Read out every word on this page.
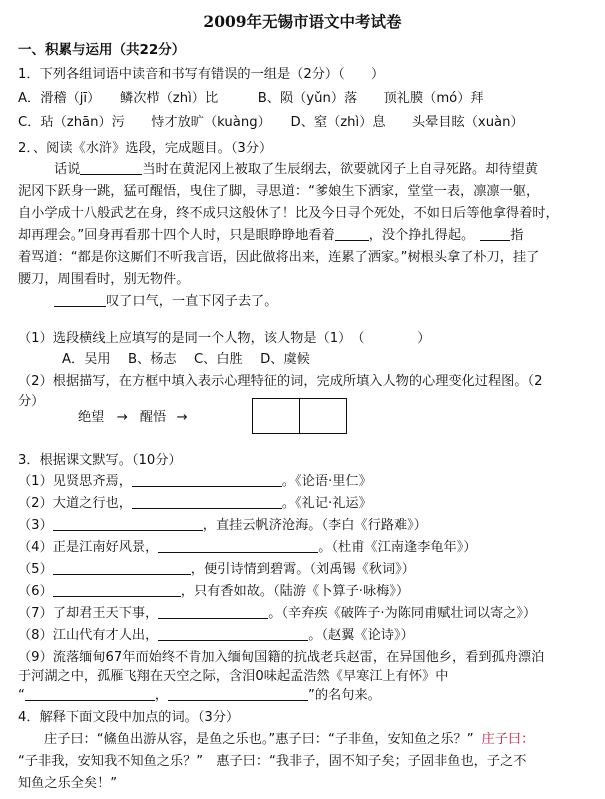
2009年无锡市语文中考试卷
一、积累与运用（共22分）
1．下列各组词语中读音和书写有错误的一组是（2分）（　　）
A．滑稽（jī）　　鳞次栉（zhì）比　　　B、陨（yǔn）落　　顶礼膜（mó）拜
C．玷（zhān）污　　恃才放旷（kuàng）　　D、窒（zhì）息　　头晕目眩（xuàn）
2．、阅读《水浒》选段，完成题目。（3分）
话说	当时在黄泥冈上被取了生辰纲去，欲要就冈子上自寻死路。却待望黄
泥冈下跃身一跳，猛可醒悟，曳住了脚，寻思道：“爹娘生下洒家，堂堂一表，凛凛一躯，
自小学成十八般武艺在身，终不成只这般休了！比及今日寻个死处，不如日后等他拿得着时，
却再理会。”回身再看那十四个人时，只是眼睁睁地看着	，没个挣扎得起。	指
着骂道：“都是你这厮们不听我言语，因此做将出来，连累了洒家。”树根头拿了朴刀，挂了
腰刀，周围看时，别无物件。
叹了口气，一直下冈子去了。
（1）选段横线上应填写的是同一个人物，该人物是（1）　（　　　　）
A．吴用　 B、杨志　 C、白胜　 D、虞候
（2）根据描写，在方框中填入表示心理特征的词，完成所填入人物的心理变化过程图。（2
分）
绝望 → 醒悟 →
3．根据课文默写。（10分）
（1）见贤思齐焉，	。《论语·里仁》
（2）大道之行也，	。《礼记·礼运》
（3）	，直挂云帆济沧海。（李白《行路难》）
（4）正是江南好风景，	。（杜甫《江南逢李龟年》）
（5）	，便引诗情到碧霄。（刘禹锡《秋词》）
（6）	，只有香如故。（陆游《卜算子·咏梅》）
（7）了却君王天下事，	。（辛弃疾《破阵子·为陈同甫赋壮词以寄之》）
（8）江山代有才人出，	。（赵翼《论诗》）
（9）流落缅甸67年而始终不肯加入缅甸国籍的抗战老兵赵雷，在异国他乡，看到孤舟漂泊
于河湖之中，孤雁飞翔在天空之际，含泪0味起孟浩然《早寒江上有怀》中
“	，	”的名句来。
4．解释下面文段中加点的词。（3分）
庄子曰：“鯈鱼出游从容，是鱼之乐也。”惠子曰：“子非鱼，安知鱼之乐？” 庄子曰：
“子非我，安知我不知鱼之乐？”　惠子曰：“我非子，固不知子矣；子固非鱼也，子之不
知鱼之乐全矣！”
